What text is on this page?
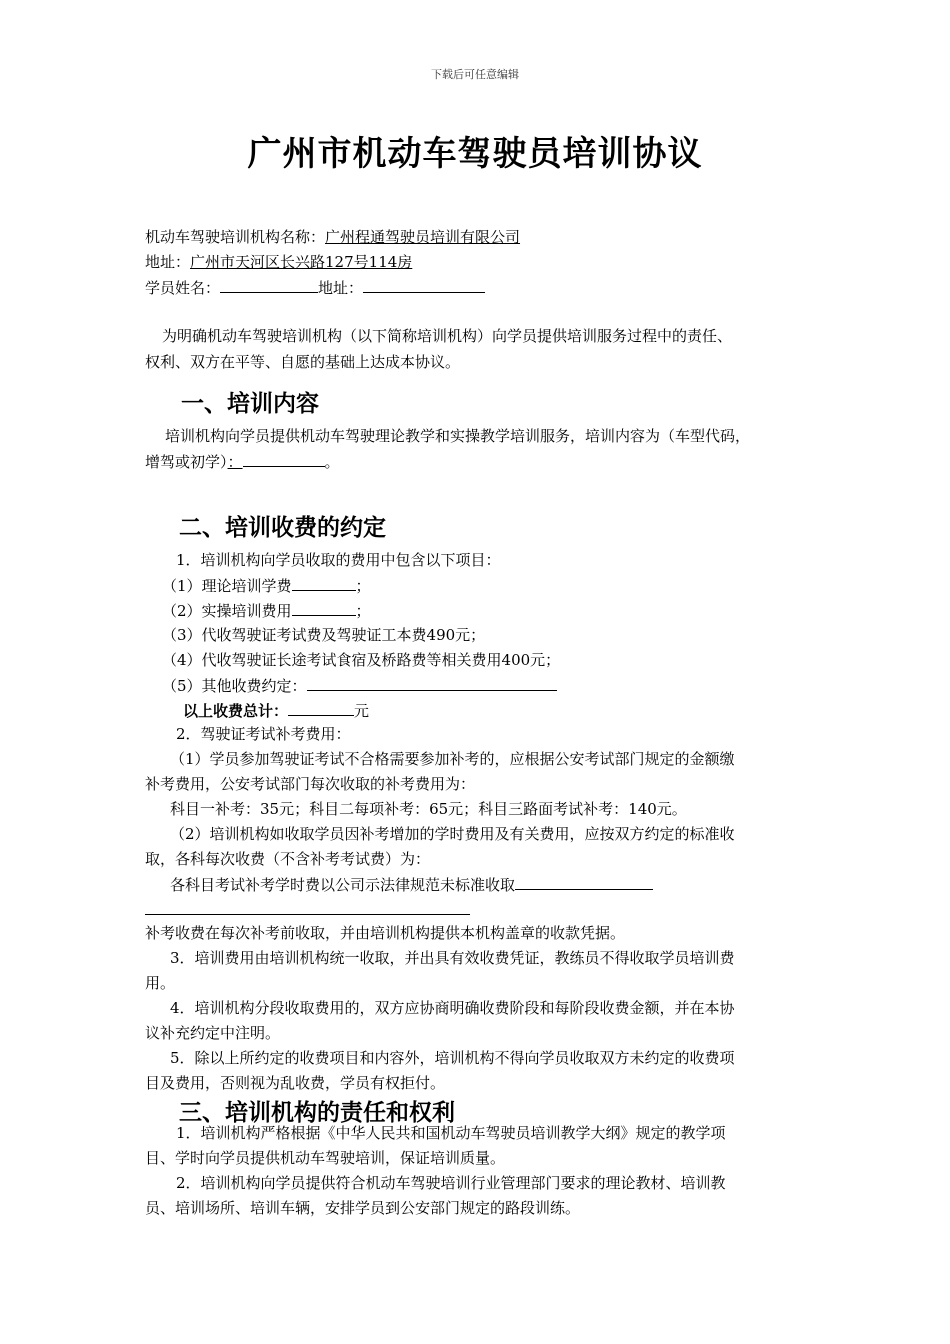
下载后可任意编辑
广州市机动车驾驶员培训协议
机动车驾驶培训机构名称：广州程通驾驶员培训有限公司
地址：广州市天河区长兴路127号114房
学员姓名：	地址：
为明确机动车驾驶培训机构（以下简称培训机构）向学员提供培训服务过程中的责任、
权利、双方在平等、自愿的基础上达成本协议。
一、培训内容
培训机构向学员提供机动车驾驶理论教学和实操教学培训服务，培训内容为（车型代码，
增驾或初学）：	。
二、培训收费的约定
1．培训机构向学员收取的费用中包含以下项目：
（1）理论培训学费	；
（2）实操培训费用	；
（3）代收驾驶证考试费及驾驶证工本费490元；
（4）代收驾驶证长途考试食宿及桥路费等相关费用400元；
（5）其他收费约定：
以上收费总计：	元
2．驾驶证考试补考费用：
（1）学员参加驾驶证考试不合格需要参加补考的，应根据公安考试部门规定的金额缴
补考费用，公安考试部门每次收取的补考费用为：
科目一补考：35元；科目二每项补考：65元；科目三路面考试补考：140元。
（2）培训机构如收取学员因补考增加的学时费用及有关费用，应按双方约定的标准收
取，各科每次收费（不含补考考试费）为：
各科目考试补考学时费以公司示法律规范未标准收取
补考收费在每次补考前收取，并由培训机构提供本机构盖章的收款凭据。
3．培训费用由培训机构统一收取，并出具有效收费凭证，教练员不得收取学员培训费
用。
4．培训机构分段收取费用的，双方应协商明确收费阶段和每阶段收费金额，并在本协
议补充约定中注明。
5．除以上所约定的收费项目和内容外，培训机构不得向学员收取双方未约定的收费项
目及费用，否则视为乱收费，学员有权拒付。
三、培训机构的责任和权利
1．培训机构严格根据《中华人民共和国机动车驾驶员培训教学大纲》规定的教学项
目、学时向学员提供机动车驾驶培训，保证培训质量。
2．培训机构向学员提供符合机动车驾驶培训行业管理部门要求的理论教材、培训教
员、培训场所、培训车辆，安排学员到公安部门规定的路段训练。
